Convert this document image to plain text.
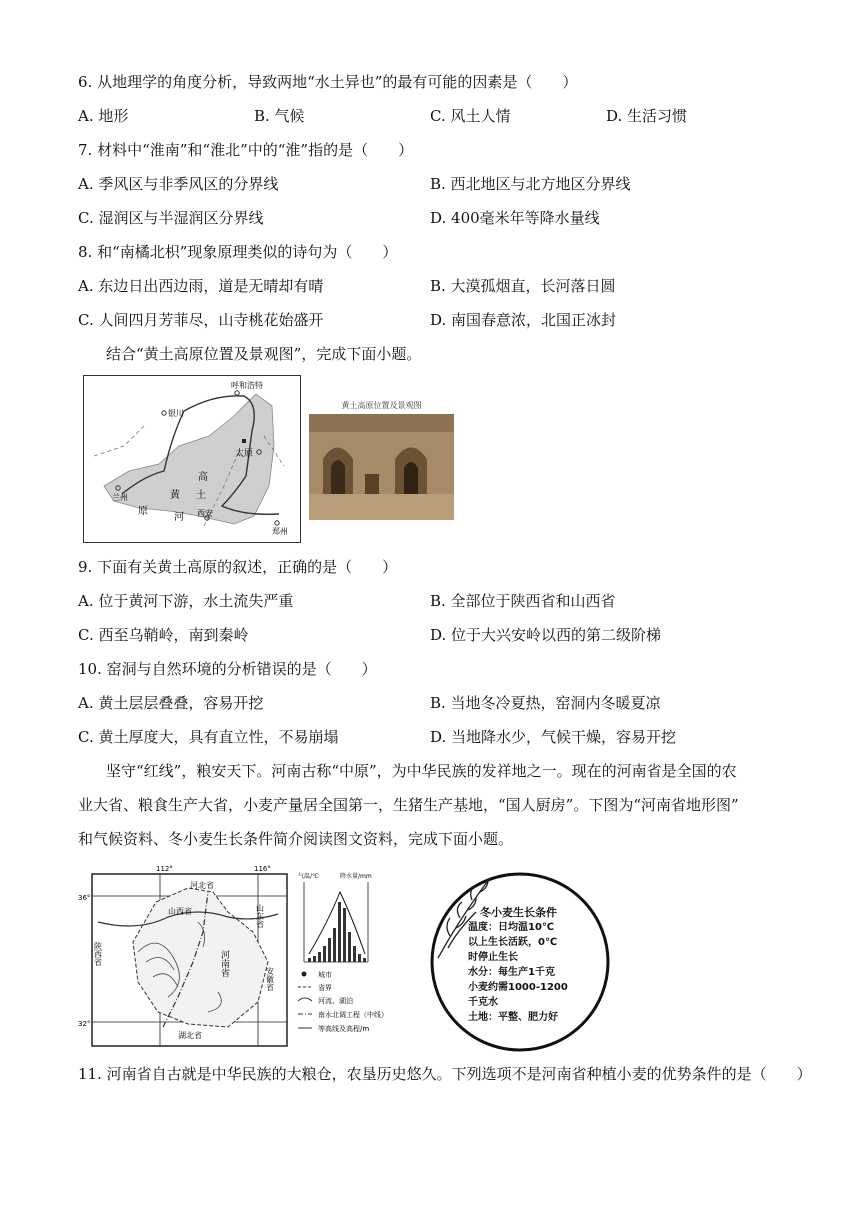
6. 从地理学的角度分析，导致两地“水土异也”的最有可能的因素是（　　）
A. 地形	B. 气候	C. 风土人情	D. 生活习惯
7. 材料中“淮南”和“淮北”中的“淮”指的是（　　）
A. 季风区与非季风区的分界线	B. 西北地区与北方地区分界线
C. 湿润区与半湿润区分界线	D. 400毫米年等降水量线
8. 和“南橘北枳”现象原理类似的诗句为（　　）
A. 东边日出西边雨，道是无晴却有晴	B. 大漠孤烟直，长河落日圆
C. 人间四月芳菲尽，山寺桃花始盛开	D. 南国春意浓，北国正冰封
结合“黄土高原位置及景观图”，完成下面小题。
呼和浩特
银川
太原
兰州	黄 土
高
原
河 西安
郑州
黄土高原位置及景观图
9. 下面有关黄土高原的叙述，正确的是（　　）
A. 位于黄河下游，水土流失严重	B. 全部位于陕西省和山西省
C. 西至乌鞘岭，南到秦岭	D. 位于大兴安岭以西的第二级阶梯
10. 窑洞与自然环境的分析错误的是（　　）
A. 黄土层层叠叠，容易开挖	B. 当地冬冷夏热，窑洞内冬暖夏凉
C. 黄土厚度大，具有直立性，不易崩塌	D. 当地降水少，气候干燥，容易开挖
坚守“红线”，粮安天下。河南古称“中原”，为中华民族的发祥地之一。现在的河南省是全国的农
业大省、粮食生产大省，小麦产量居全国第一，生猪生产基地，“国人厨房”。下图为“河南省地形图”
和气候资料、冬小麦生长条件简介阅读图文资料，完成下面小题。
112°	116°
36°
32°
河北省
山西省	山东省
陕西省	河南省
安徽省
湖北省
气温/℃	降水量/mm
城市
省界
河流、湖泊
南水北调工程（中线）
等高线及高程/m
冬小麦生长条件
温度：日均温10℃
以上生长活跃，0℃
时停止生长
水分：每生产1千克
小麦约需1000-1200
千克水
土地：平整、肥力好
11. 河南省自古就是中华民族的大粮仓，农垦历史悠久。下列选项不是河南省种植小麦的优势条件的是（　　）
